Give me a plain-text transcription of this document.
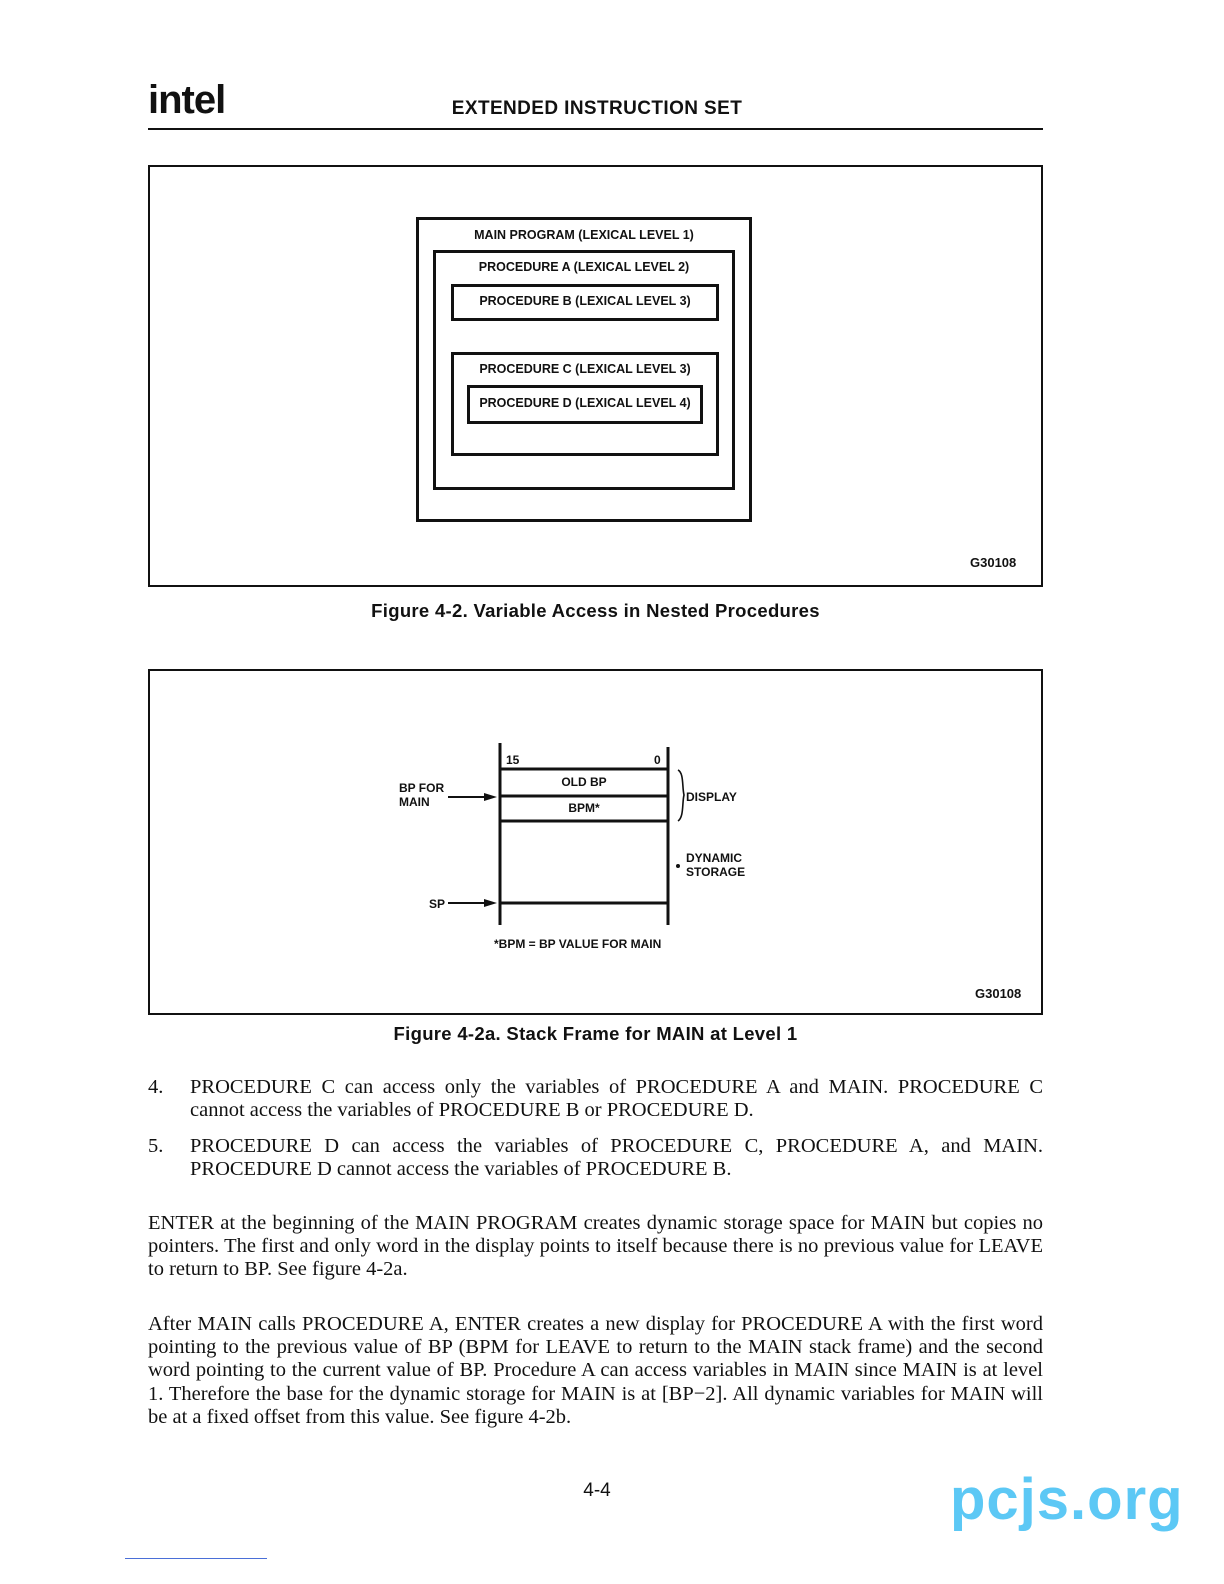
intel	EXTENDED INSTRUCTION SET
MAIN PROGRAM (LEXICAL LEVEL 1)
PROCEDURE A (LEXICAL LEVEL 2)
PROCEDURE B (LEXICAL LEVEL 3)
PROCEDURE C (LEXICAL LEVEL 3)
PROCEDURE D (LEXICAL LEVEL 4)
G30108
Figure 4-2. Variable Access in Nested Procedures
15	0
OLD BP
BPM*
BP FOR
MAIN	DISPLAY
DYNAMIC
STORAGE
SP
*BPM = BP VALUE FOR MAIN
G30108
Figure 4-2a. Stack Frame for MAIN at Level 1
4. PROCEDURE C can access only the variables of PROCEDURE A and MAIN. PROCEDURE C cannot access the variables of PROCEDURE B or PROCEDURE D.
5. PROCEDURE D can access the variables of PROCEDURE C, PROCEDURE A, and MAIN. PROCEDURE D cannot access the variables of PROCEDURE B.
ENTER at the beginning of the MAIN PROGRAM creates dynamic storage space for MAIN but copies no pointers. The first and only word in the display points to itself because there is no previous value for LEAVE to return to BP. See figure 4-2a.
After MAIN calls PROCEDURE A, ENTER creates a new display for PROCEDURE A with the first word pointing to the previous value of BP (BPM for LEAVE to return to the MAIN stack frame) and the second word pointing to the current value of BP. Procedure A can access variables in MAIN since MAIN is at level 1. Therefore the base for the dynamic storage for MAIN is at [BP−2]. All dynamic variables for MAIN will be at a fixed offset from this value. See figure 4-2b.
4-4	pcjs.org
